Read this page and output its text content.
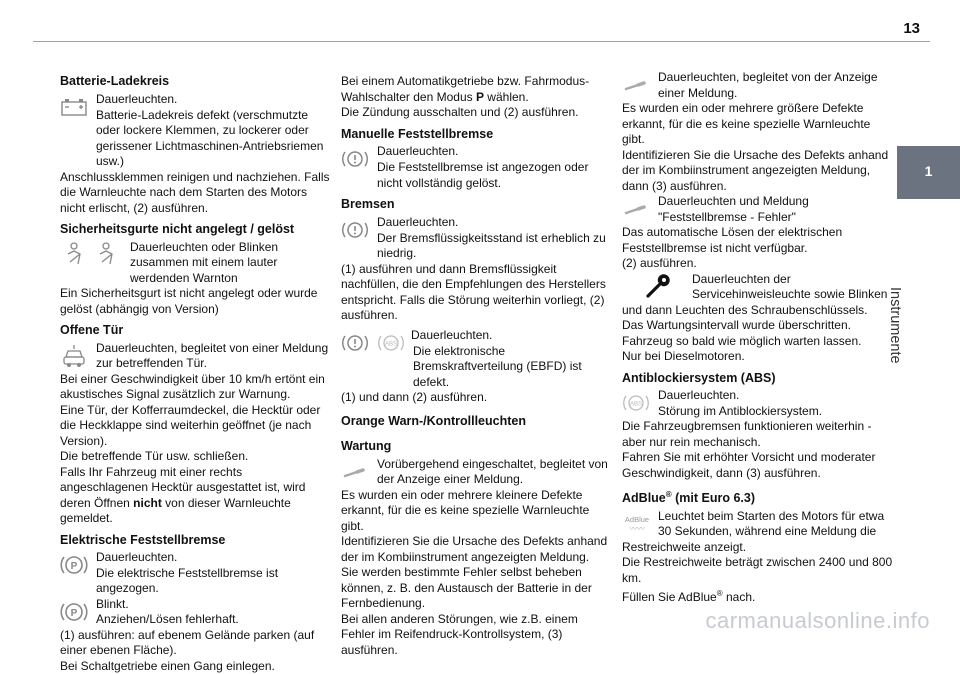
13
1
Instrumente
Batterie-Ladekreis
Dauerleuchten.

Batterie-Ladekreis defekt (verschmutzte oder lockere Klemmen, zu lockerer oder gerissener Lichtmaschinen-Antriebsriemen usw.)

Anschlussklemmen reinigen und nachziehen. Falls die Warnleuchte nach dem Starten des Motors nicht erlischt, (2) ausführen.

Sicherheitsgurte nicht angelegt / gelöst
Dauerleuchten oder Blinken zusammen mit einem lauter werdenden Warnton

Ein Sicherheitsgurt ist nicht angelegt oder wurde gelöst (abhängig von Version)

Offene Tür
Dauerleuchten, begleitet von einer Meldung zur betreffenden Tür.

Bei einer Geschwindigkeit über 10 km/h ertönt ein akustisches Signal zusätzlich zur Warnung.

Eine Tür, der Kofferraumdeckel, die Hecktür oder die Heckklappe sind weiterhin geöffnet (je nach Version).

Die betreffende Tür usw. schließen.

Falls Ihr Fahrzeug mit einer rechts angeschlagenen Hecktür ausgestattet ist, wird deren Öffnen nicht von dieser Warnleuchte gemeldet.

Elektrische Feststellbremse
P
Dauerleuchten.
Die elektrische Feststellbremse ist angezogen.
P
Blinkt.
Anziehen/Lösen fehlerhaft.

(1) ausführen: auf ebenem Gelände parken (auf einer ebenen Fläche).

Bei Schaltgetriebe einen Gang einlegen.

Bei einem Automatikgetriebe bzw. Fahrmodus-Wahlschalter den Modus P wählen.

Die Zündung ausschalten und (2) ausführen.

Manuelle Feststellbremse
Dauerleuchten.

Die Feststellbremse ist angezogen oder nicht vollständig gelöst.

Bremsen
Dauerleuchten.

Der Bremsflüssigkeitsstand ist erheblich zu niedrig.

(1) ausführen und dann Bremsflüssigkeit nachfüllen, die den Empfehlungen des Herstellers entspricht. Falls die Störung weiterhin vorliegt, (2) ausführen.

ABS
Dauerleuchten.

Die elektronische Bremskraftverteilung (EBFD) ist defekt.

(1) und dann (2) ausführen.

Orange Warn-/Kontrollleuchten
Wartung
Vorübergehend eingeschaltet, begleitet von der Anzeige einer Meldung.

Es wurden ein oder mehrere kleinere Defekte erkannt, für die es keine spezielle Warnleuchte gibt.

Identifizieren Sie die Ursache des Defekts anhand der im Kombiinstrument angezeigten Meldung.

Sie werden bestimmte Fehler selbst beheben können, z. B. den Austausch der Batterie in der Fernbedienung.

Bei allen anderen Störungen, wie z.B. einem Fehler im Reifendruck-Kontrollsystem, (3) ausführen.

Dauerleuchten, begleitet von der Anzeige einer Meldung.

Es wurden ein oder mehrere größere Defekte erkannt, für die es keine spezielle Warnleuchte gibt.

Identifizieren Sie die Ursache des Defekts anhand der im Kombiinstrument angezeigten Meldung, dann (3) ausführen.

Dauerleuchten und Meldung "Feststellbremse - Fehler"

Das automatische Lösen der elektrischen Feststellbremse ist nicht verfügbar.

(2) ausführen.

Dauerleuchten der Servicehinweisleuchte sowie Blinken

und dann Leuchten des Schraubenschlüssels.

Das Wartungsintervall wurde überschritten.

Fahrzeug so bald wie möglich warten lassen.

Nur bei Dieselmotoren.

Antiblockiersystem (ABS)
ABS
Dauerleuchten.
Störung im Antiblockiersystem.

Die Fahrzeugbremsen funktionieren weiterhin - aber nur rein mechanisch.

Fahren Sie mit erhöhter Vorsicht und moderater Geschwindigkeit, dann (3) ausführen.

AdBlue® (mit Euro 6.3)
AdBlue
〰〰
Leuchtet beim Starten des Motors für etwa 30 Sekunden, während eine Meldung die

Restreichweite anzeigt.

Die Restreichweite beträgt zwischen 2400 und 800 km.

Füllen Sie AdBlue® nach.

carmanualsonline.info
